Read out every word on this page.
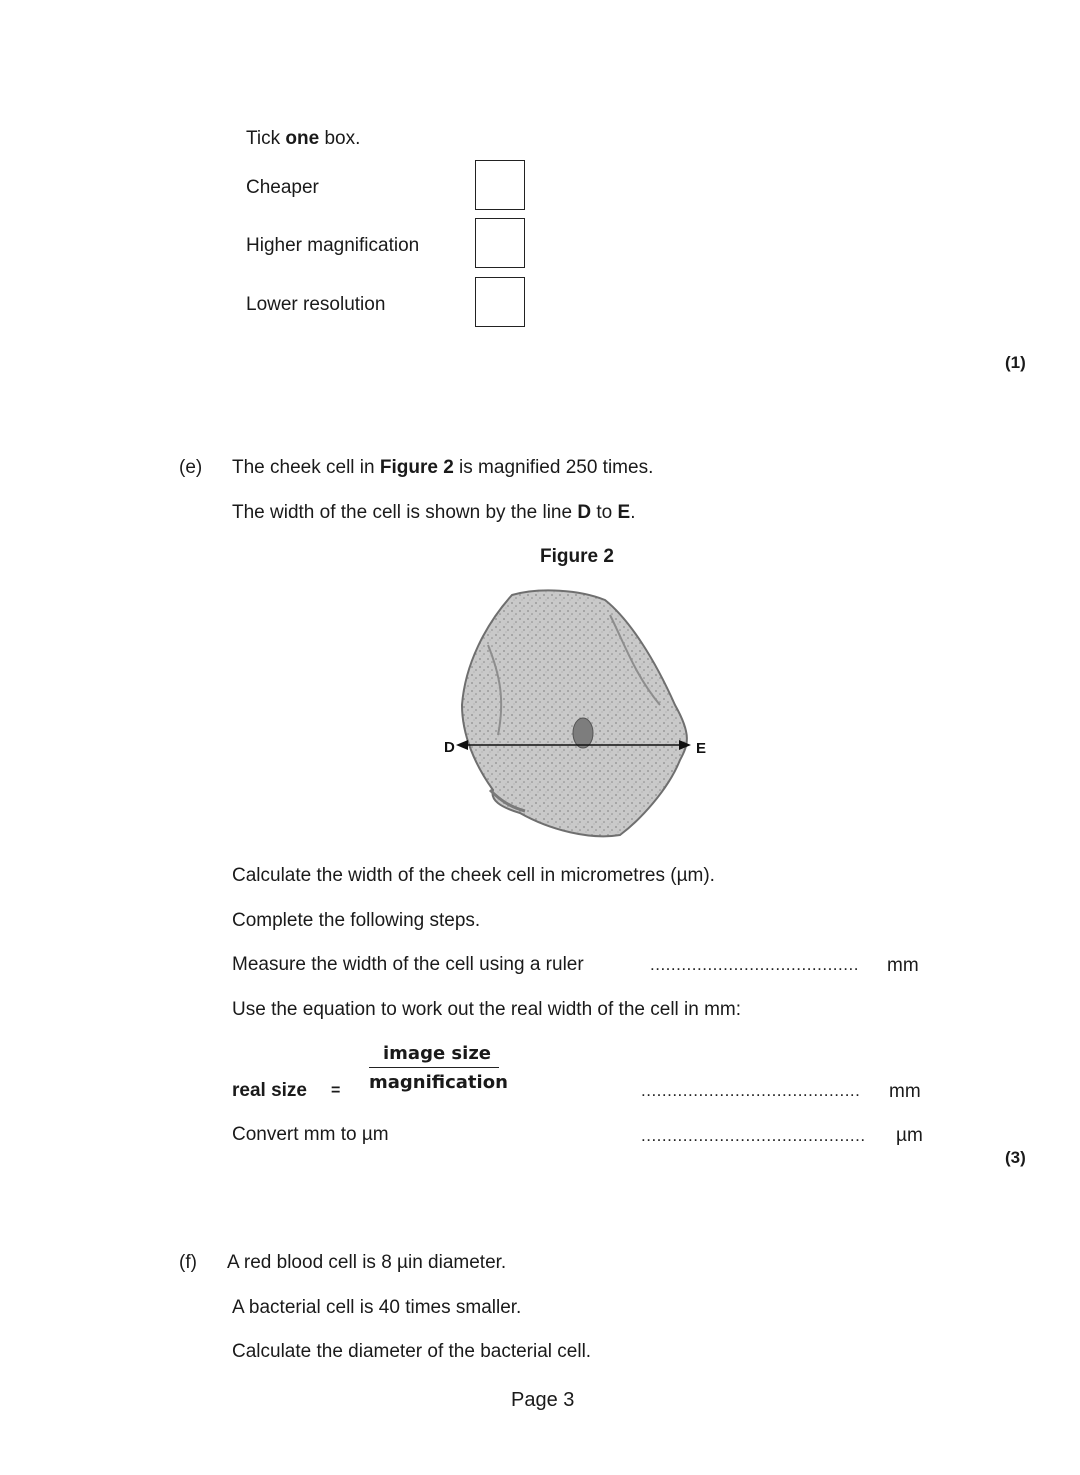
Tick one box.
Cheaper
Higher magnification
Lower resolution
(1)
(e) The cheek cell in Figure 2 is magnified 250 times.
The width of the cell is shown by the line D to E.
Figure 2
D	E
Calculate the width of the cheek cell in micrometres (µm).
Complete the following steps.
Measure the width of the cell using a ruler	........................................ mm
Use the equation to work out the real width of the cell in mm:
image size
magnification
real size =	.......................................... mm
Convert mm to µm	........................................... µm
(3)
(f) A red blood cell is 8 µin diameter.
A bacterial cell is 40 times smaller.
Calculate the diameter of the bacterial cell.
Page 3
